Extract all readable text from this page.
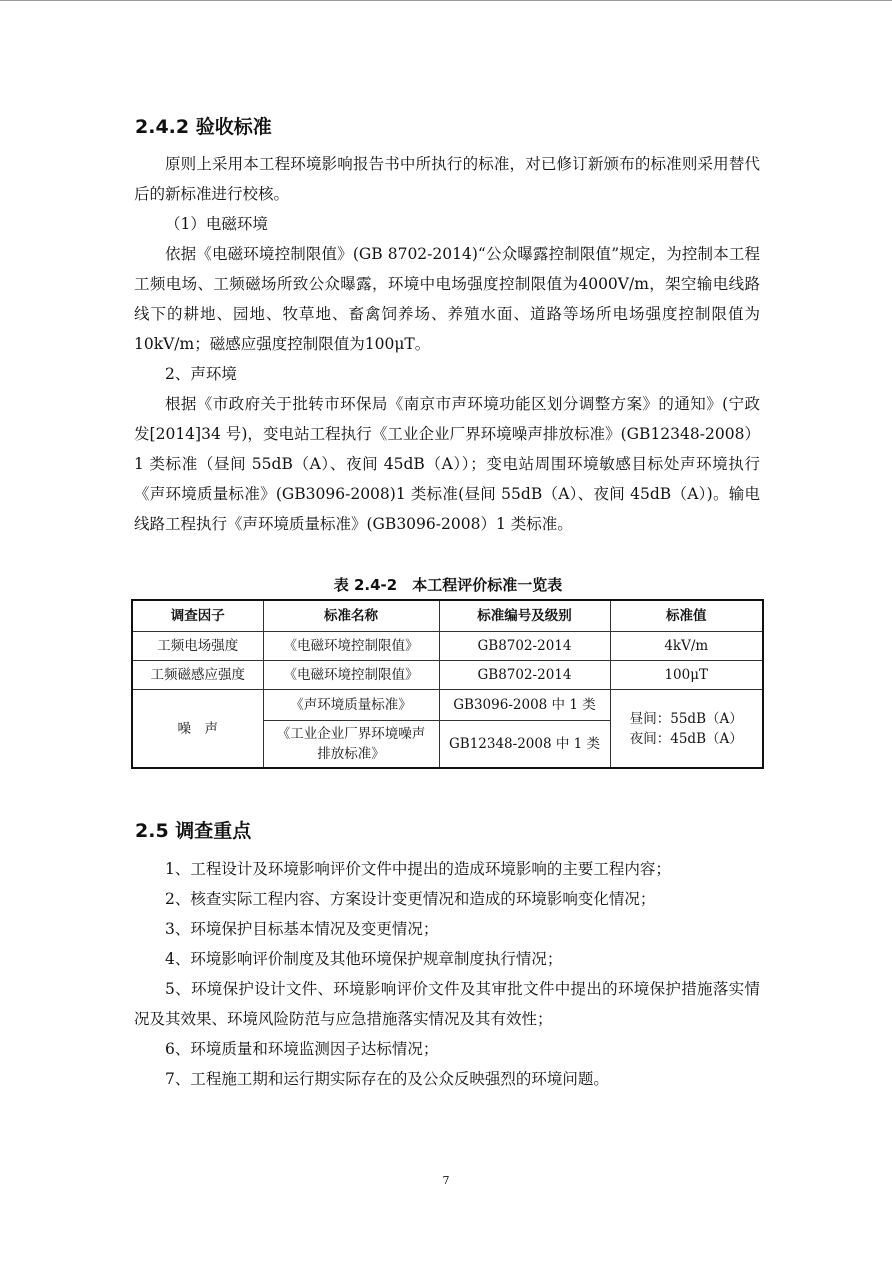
2.4.2 验收标准

原则上采用本工程环境影响报告书中所执行的标准，对已修订新颁布的标准则采用替代后的新标准进行校核。

（1）电磁环境

依据《电磁环境控制限值》(GB 8702-2014)“公众曝露控制限值”规定，为控制本工程工频电场、工频磁场所致公众曝露，环境中电场强度控制限值为4000V/m，架空输电线路线下的耕地、园地、牧草地、畜禽饲养场、养殖水面、道路等场所电场强度控制限值为10kV/m；磁感应强度控制限值为100μT。

2、声环境

根据《市政府关于批转市环保局《南京市声环境功能区划分调整方案》的通知》(宁政发[2014]34 号)，变电站工程执行《工业企业厂界环境噪声排放标准》(GB12348-2008）1 类标准（昼间 55dB（A）、夜间 45dB（A））；变电站周围环境敏感目标处声环境执行《声环境质量标准》(GB3096-2008)1 类标准(昼间 55dB（A）、夜间 45dB（A）)。输电线路工程执行《声环境质量标准》(GB3096-2008）1 类标准。

表 2.4-2　本工程评价标准一览表
调查因子	标准名称	标准编号及级别	标准值
工频电场强度	《电磁环境控制限值》	GB8702-2014	4kV/m
工频磁感应强度	《电磁环境控制限值》	GB8702-2014	100μT
噪　声	《声环境质量标准》	GB3096-2008 中 1 类	昼间：55dB（A）
夜间：45dB（A）

	《工业企业厂界环境噪声排放标准》	GB12348-2008 中 1 类	
2.5 调查重点

1、工程设计及环境影响评价文件中提出的造成环境影响的主要工程内容；

2、核查实际工程内容、方案设计变更情况和造成的环境影响变化情况；

3、环境保护目标基本情况及变更情况；

4、环境影响评价制度及其他环境保护规章制度执行情况；

5、环境保护设计文件、环境影响评价文件及其审批文件中提出的环境保护措施落实情况及其效果、环境风险防范与应急措施落实情况及其有效性；

6、环境质量和环境监测因子达标情况；

7、工程施工期和运行期实际存在的及公众反映强烈的环境问题。

7
